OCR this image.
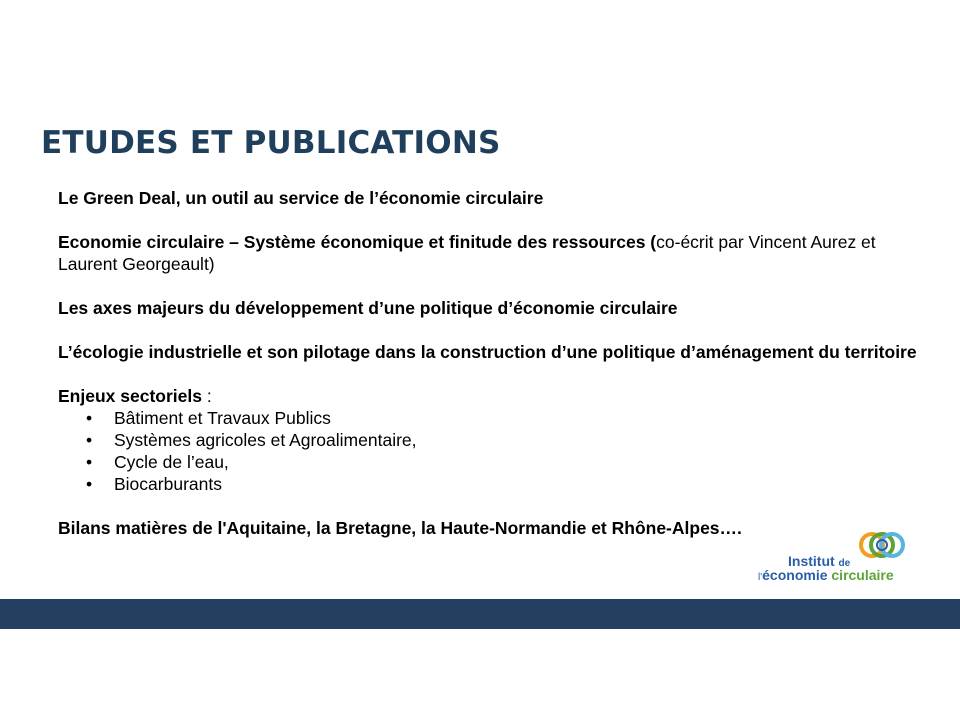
ETUDES ET PUBLICATIONS

Le Green Deal, un outil au service de l’économie circulaire

Economie circulaire – Système économique et finitude des ressources (co-écrit par Vincent Aurez et Laurent Georgeault)

Les axes majeurs du développement d’une politique d’économie circulaire

L’écologie industrielle et son pilotage dans la construction d’une politique d’aménagement du territoire

Enjeux sectoriels :

• Bâtiment et Travaux Publics
• Systèmes agricoles et Agroalimentaire,
• Cycle de l’eau,
• Biocarburants

Bilans matières de l'Aquitaine, la Bretagne, la Haute-Normandie et Rhône-Alpes….

Institut de
l'économie circulaire
